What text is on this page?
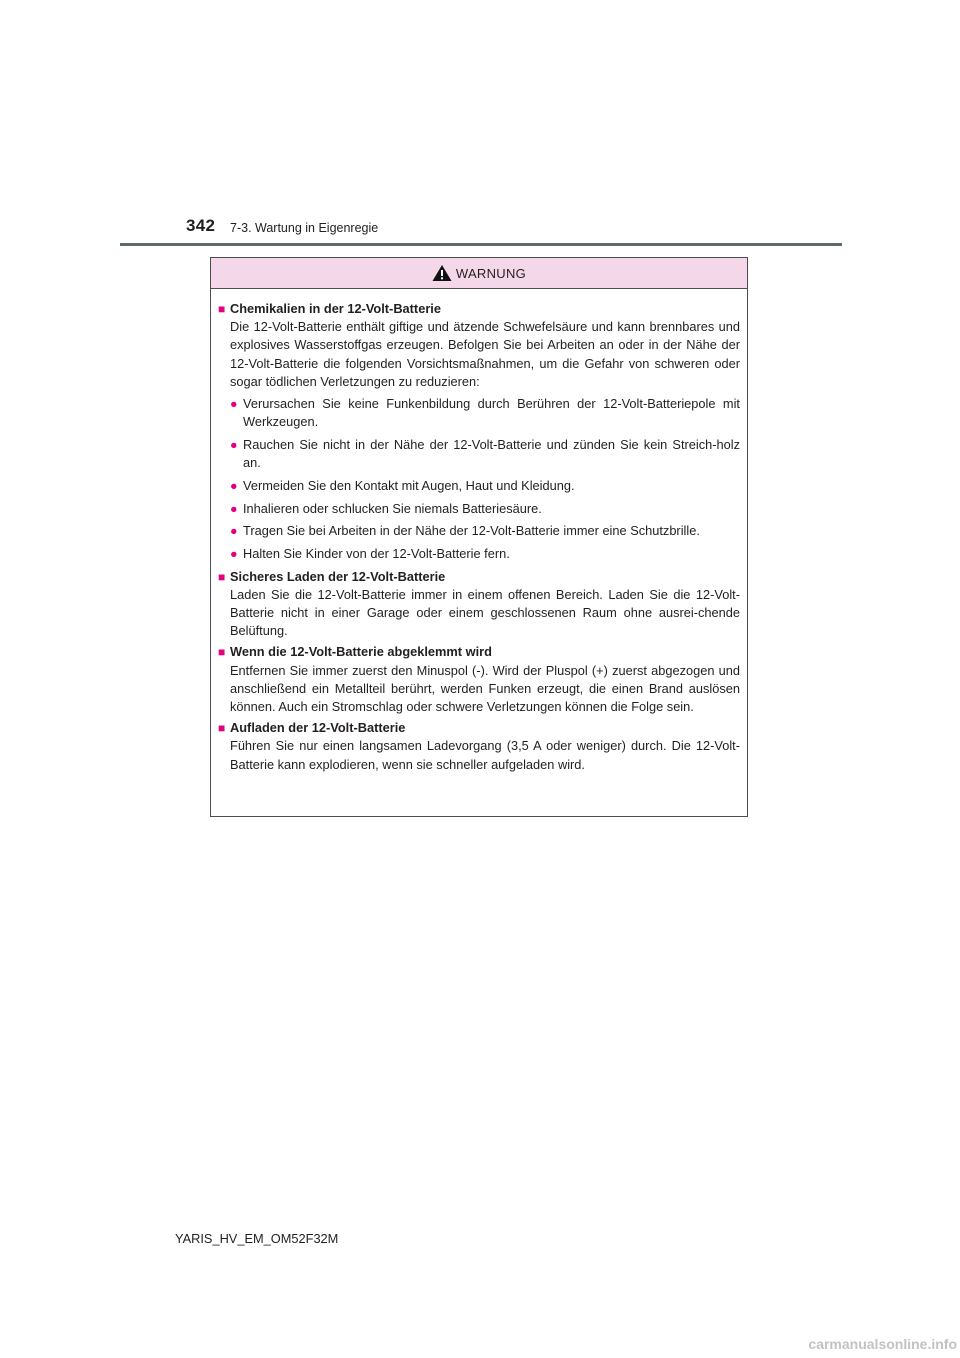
342 7-3. Wartung in Eigenregie
WARNUNG
■ Chemikalien in der 12-Volt-Batterie
Die 12-Volt-Batterie enthält giftige und ätzende Schwefelsäure und kann brennbares und explosives Wasserstoffgas erzeugen. Befolgen Sie bei Arbeiten an oder in der Nähe der 12-Volt-Batterie die folgenden Vorsichtsmaßnahmen, um die Gefahr von schweren oder sogar tödlichen Verletzungen zu reduzieren:
● Verursachen Sie keine Funkenbildung durch Berühren der 12-Volt-Batteriepole mit Werkzeugen.
● Rauchen Sie nicht in der Nähe der 12-Volt-Batterie und zünden Sie kein Streich-holz an.
● Vermeiden Sie den Kontakt mit Augen, Haut und Kleidung.
● Inhalieren oder schlucken Sie niemals Batteriesäure.
● Tragen Sie bei Arbeiten in der Nähe der 12-Volt-Batterie immer eine Schutzbrille.
● Halten Sie Kinder von der 12-Volt-Batterie fern.
■ Sicheres Laden der 12-Volt-Batterie
Laden Sie die 12-Volt-Batterie immer in einem offenen Bereich. Laden Sie die 12-Volt-Batterie nicht in einer Garage oder einem geschlossenen Raum ohne ausrei-chende Belüftung.
■ Wenn die 12-Volt-Batterie abgeklemmt wird
Entfernen Sie immer zuerst den Minuspol (-). Wird der Pluspol (+) zuerst abgezogen und anschließend ein Metallteil berührt, werden Funken erzeugt, die einen Brand auslösen können. Auch ein Stromschlag oder schwere Verletzungen können die Folge sein.
■ Aufladen der 12-Volt-Batterie
Führen Sie nur einen langsamen Ladevorgang (3,5 A oder weniger) durch. Die 12-Volt-Batterie kann explodieren, wenn sie schneller aufgeladen wird.
YARIS_HV_EM_OM52F32M
carmanualsonline.info
